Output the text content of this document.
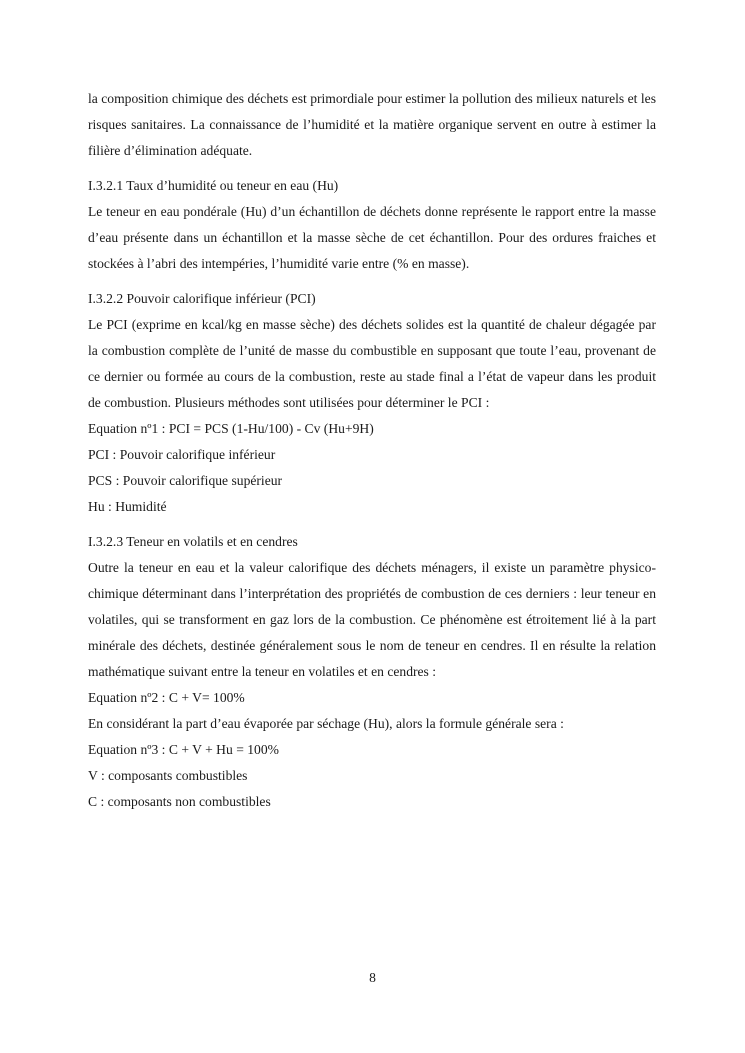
la composition chimique des déchets est primordiale pour estimer la pollution des milieux naturels et les risques sanitaires. La connaissance de l’humidité et la matière organique servent en outre à estimer la filière d’élimination adéquate.

I.3.2.1 Taux d’humidité ou teneur en eau (Hu)

Le teneur en eau pondérale (Hu) d’un échantillon de déchets donne représente le rapport entre la masse d’eau présente dans un échantillon et la masse sèche de cet échantillon. Pour des ordures fraiches et stockées à l’abri des intempéries, l’humidité varie entre (% en masse).

I.3.2.2 Pouvoir calorifique inférieur (PCI)

Le PCI (exprime en kcal/kg en masse sèche) des déchets solides est la quantité de chaleur dégagée par la combustion complète de l’unité de masse du combustible en supposant que toute l’eau, provenant de ce dernier ou formée au cours de la combustion, reste au stade final a l’état de vapeur dans les produit de combustion. Plusieurs méthodes sont utilisées pour déterminer le PCI :

Equation nº1 : PCI = PCS (1-Hu/100) - Cv (Hu+9H)

PCI : Pouvoir calorifique inférieur

PCS : Pouvoir calorifique supérieur

Hu : Humidité

I.3.2.3 Teneur en volatils et en cendres

Outre la teneur en eau et la valeur calorifique des déchets ménagers, il existe un paramètre physico-chimique déterminant dans l’interprétation des propriétés de combustion de ces derniers : leur teneur en volatiles, qui se transforment en gaz lors de la combustion. Ce phénomène est étroitement lié à la part minérale des déchets, destinée généralement sous le nom de teneur en cendres. Il en résulte la relation mathématique suivant entre la teneur en volatiles et en cendres :

Equation nº2 : C + V= 100%

En considérant la part d’eau évaporée par séchage (Hu), alors la formule générale sera :

Equation nº3 : C + V + Hu = 100%

V : composants combustibles

C : composants non combustibles

8
